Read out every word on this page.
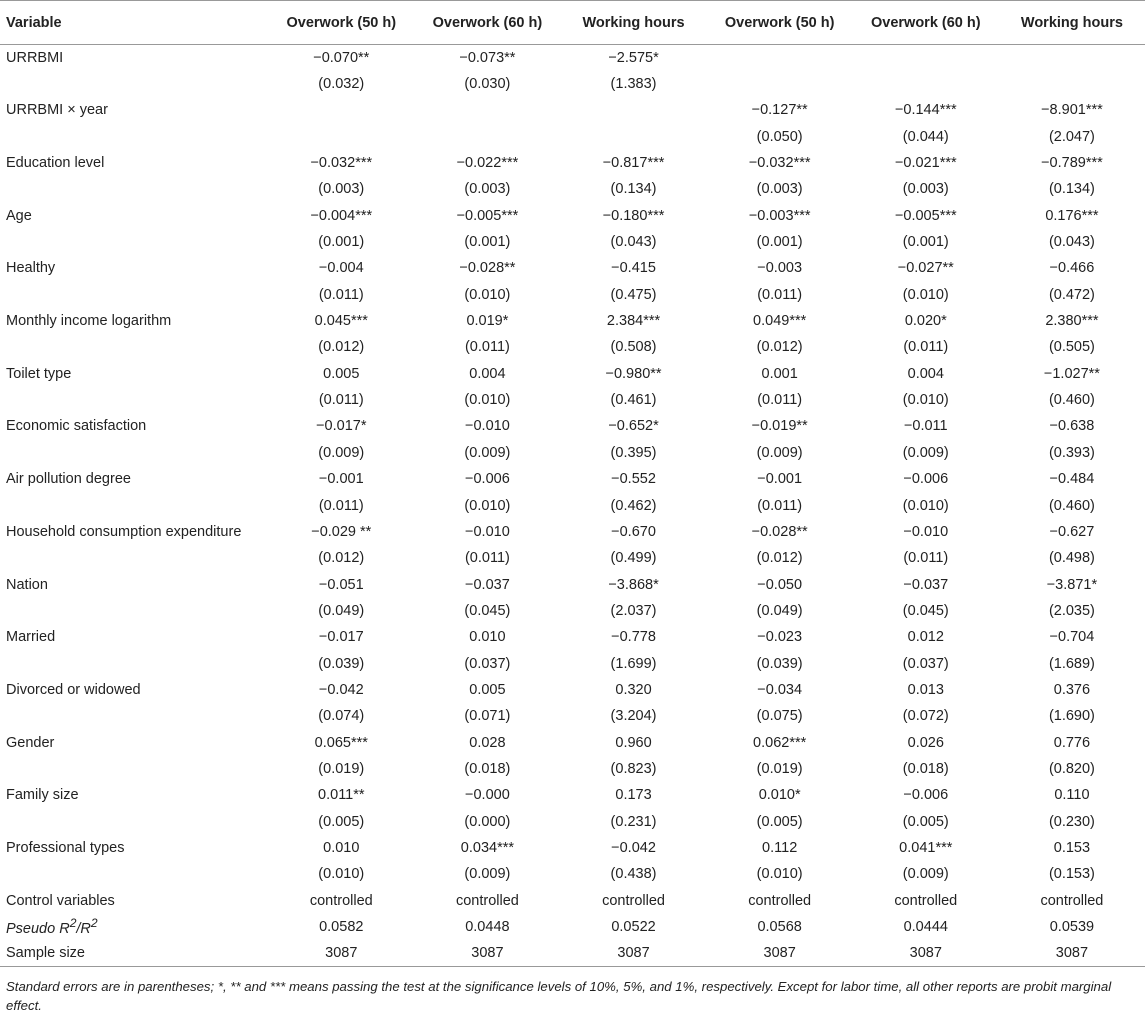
Variable	Overwork (50 h)	Overwork (60 h)	Working hours	Overwork (50 h)	Overwork (60 h)	Working hours
URRBMI	−0.070**	−0.073**	−2.575*			
	(0.032)	(0.030)	(1.383)			
URRBMI × year				−0.127**	−0.144***	−8.901***
				(0.050)	(0.044)	(2.047)
Education level	−0.032***	−0.022***	−0.817***	−0.032***	−0.021***	−0.789***
	(0.003)	(0.003)	(0.134)	(0.003)	(0.003)	(0.134)
Age	−0.004***	−0.005***	−0.180***	−0.003***	−0.005***	0.176***
	(0.001)	(0.001)	(0.043)	(0.001)	(0.001)	(0.043)
Healthy	−0.004	−0.028**	−0.415	−0.003	−0.027**	−0.466
	(0.011)	(0.010)	(0.475)	(0.011)	(0.010)	(0.472)
Monthly income logarithm	0.045***	0.019*	2.384***	0.049***	0.020*	2.380***
	(0.012)	(0.011)	(0.508)	(0.012)	(0.011)	(0.505)
Toilet type	0.005	0.004	−0.980**	0.001	0.004	−1.027**
	(0.011)	(0.010)	(0.461)	(0.011)	(0.010)	(0.460)
Economic satisfaction	−0.017*	−0.010	−0.652*	−0.019**	−0.011	−0.638
	(0.009)	(0.009)	(0.395)	(0.009)	(0.009)	(0.393)
Air pollution degree	−0.001	−0.006	−0.552	−0.001	−0.006	−0.484
	(0.011)	(0.010)	(0.462)	(0.011)	(0.010)	(0.460)
Household consumption expenditure	−0.029 **	−0.010	−0.670	−0.028**	−0.010	−0.627
	(0.012)	(0.011)	(0.499)	(0.012)	(0.011)	(0.498)
Nation	−0.051	−0.037	−3.868*	−0.050	−0.037	−3.871*
	(0.049)	(0.045)	(2.037)	(0.049)	(0.045)	(2.035)
Married	−0.017	0.010	−0.778	−0.023	0.012	−0.704
	(0.039)	(0.037)	(1.699)	(0.039)	(0.037)	(1.689)
Divorced or widowed	−0.042	0.005	0.320	−0.034	0.013	0.376
	(0.074)	(0.071)	(3.204)	(0.075)	(0.072)	(1.690)
Gender	0.065***	0.028	0.960	0.062***	0.026	0.776
	(0.019)	(0.018)	(0.823)	(0.019)	(0.018)	(0.820)
Family size	0.011**	−0.000	0.173	0.010*	−0.006	0.110
	(0.005)	(0.000)	(0.231)	(0.005)	(0.005)	(0.230)
Professional types	0.010	0.034***	−0.042	0.112	0.041***	0.153
	(0.010)	(0.009)	(0.438)	(0.010)	(0.009)	(0.153)
Control variables	controlled	controlled	controlled	controlled	controlled	controlled
Pseudo $R^2/R^2$	0.0582	0.0448	0.0522	0.0568	0.0444	0.0539
Sample size	3087	3087	3087	3087	3087	3087
Standard errors are in parentheses; *, ** and *** means passing the test at the significance levels of 10%, 5%, and 1%, respectively. Except for labor time, all other reports are probit marginal effect.
